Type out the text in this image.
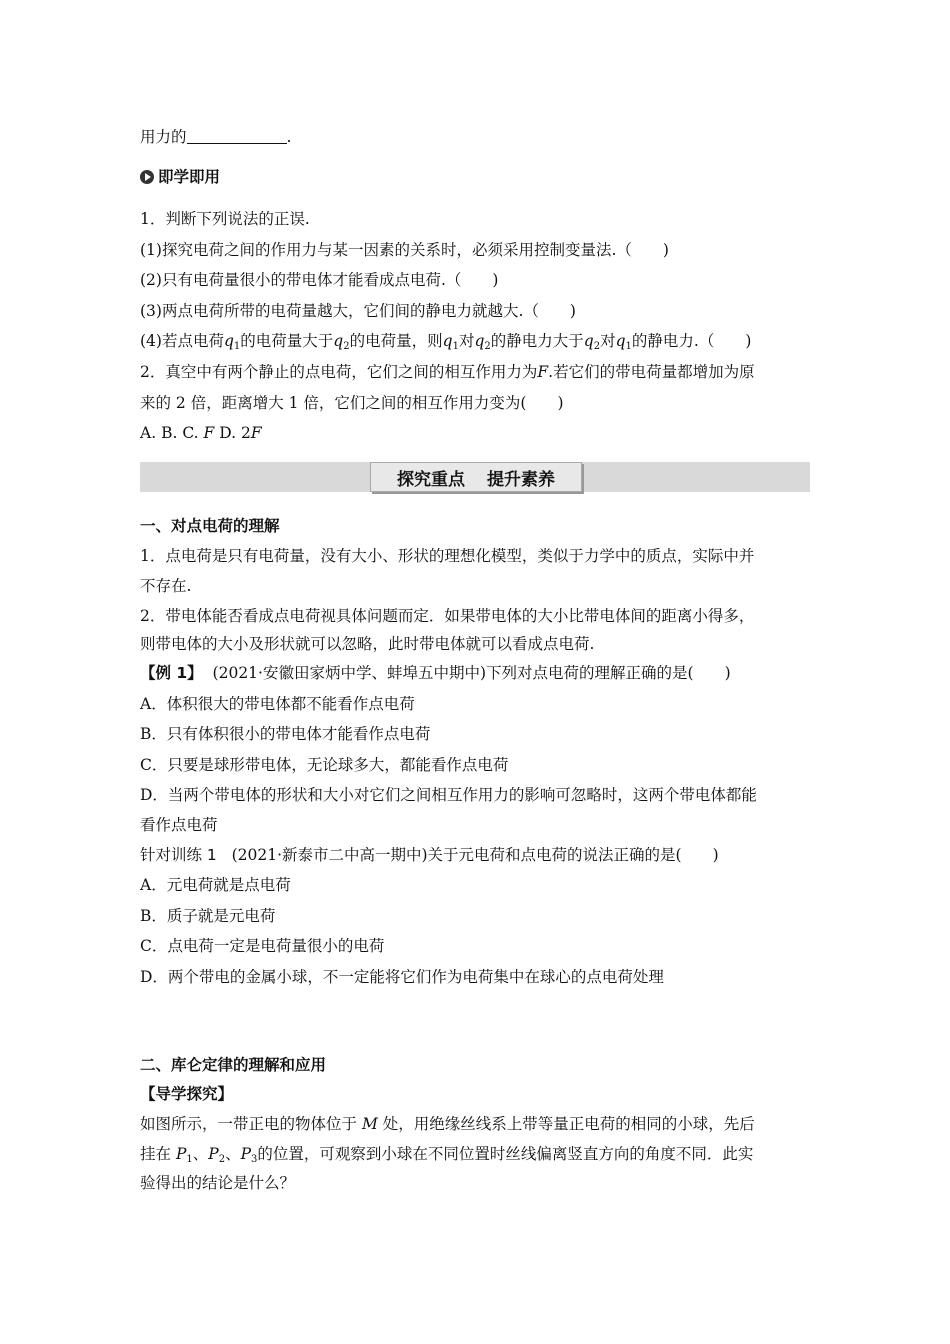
用力的	.
即学即用
1．判断下列说法的正误.
(1)探究电荷之间的作用力与某一因素的关系时，必须采用控制变量法.（　　)
(2)只有电荷量很小的带电体才能看成点电荷.（　　)
(3)两点电荷所带的电荷量越大，它们间的静电力就越大.（　　)
(4)若点电荷$q_1$的电荷量大于$q_2$的电荷量，则$q_1$对$q_2$的静电力大于$q_2$对$q_1$的静电力.（　　)
2．真空中有两个静止的点电荷，它们之间的相互作用力为F.若它们的带电荷量都增加为原
来的 2 倍，距离增大 1 倍，它们之间的相互作用力变为(　　)
A. B. C. F D. 2F
探究重点 提升素养
一、对点电荷的理解
1．点电荷是只有电荷量，没有大小、形状的理想化模型，类似于力学中的质点，实际中并
不存在.
2．带电体能否看成点电荷视具体问题而定．如果带电体的大小比带电体间的距离小得多，
则带电体的大小及形状就可以忽略，此时带电体就可以看成点电荷.
【例 1】 (2021·安徽田家炳中学、蚌埠五中期中)下列对点电荷的理解正确的是(　　)
A．体积很大的带电体都不能看作点电荷
B．只有体积很小的带电体才能看作点电荷
C．只要是球形带电体，无论球多大，都能看作点电荷
D．当两个带电体的形状和大小对它们之间相互作用力的影响可忽略时，这两个带电体都能
看作点电荷
针对训练 1 (2021·新泰市二中高一期中)关于元电荷和点电荷的说法正确的是(　　)
A．元电荷就是点电荷
B．质子就是元电荷
C．点电荷一定是电荷量很小的电荷
D．两个带电的金属小球，不一定能将它们作为电荷集中在球心的点电荷处理
二、库仑定律的理解和应用
【导学探究】
如图所示，一带正电的物体位于 M 处，用绝缘丝线系上带等量正电荷的相同的小球，先后
挂在 $P_1$、$P_2$、$P_3$的位置，可观察到小球在不同位置时丝线偏离竖直方向的角度不同．此实
验得出的结论是什么？
